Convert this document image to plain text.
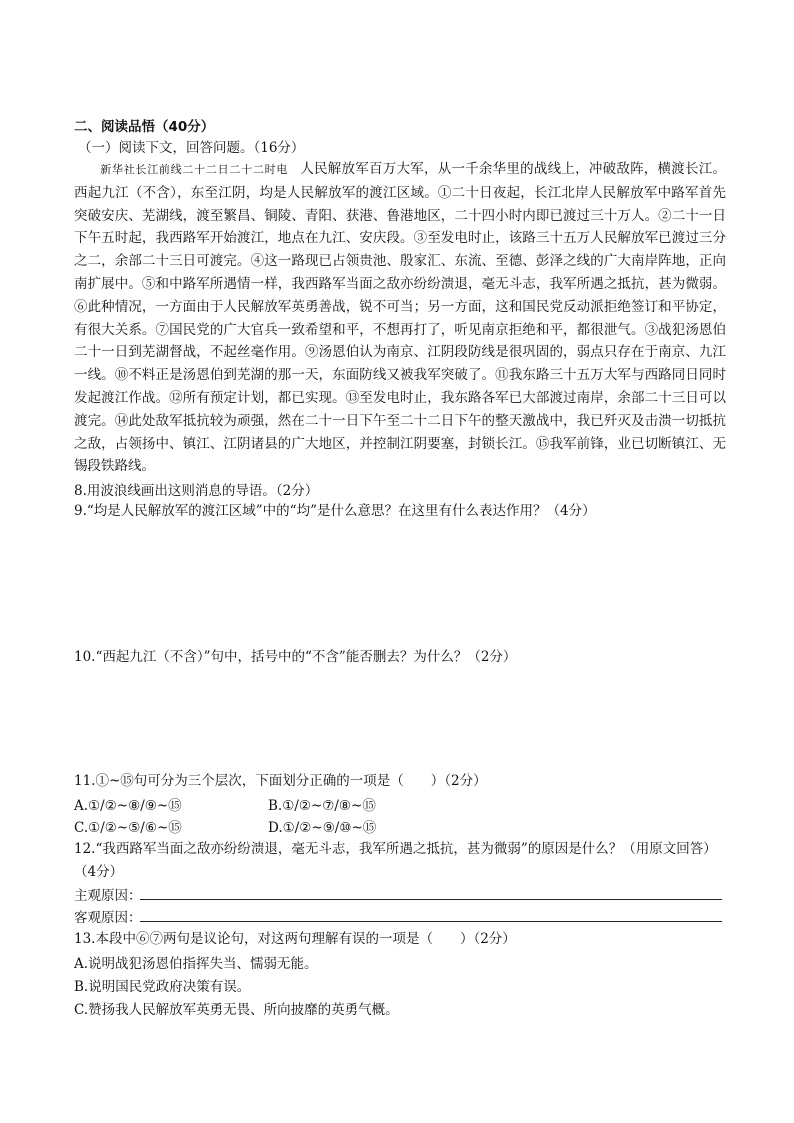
二、阅读品悟（40分）
（一）阅读下文，回答问题。（16分）
新华社长江前线二十二日二十二时电 人民解放军百万大军，从一千余华里的战线上，冲破敌阵，横渡长江。西起九江（不含），东至江阴，均是人民解放军的渡江区域。①二十日夜起，长江北岸人民解放军中路军首先突破安庆、芜湖线，渡至繁昌、铜陵、青阳、获港、鲁港地区，二十四小时内即已渡过三十万人。②二十一日下午五时起，我西路军开始渡江，地点在九江、安庆段。③至发电时止，该路三十五万人民解放军已渡过三分之二，余部二十三日可渡完。④这一路现已占领贵池、殷家汇、东流、至德、彭泽之线的广大南岸阵地，正向南扩展中。⑤和中路军所遇情一样，我西路军当面之敌亦纷纷溃退，毫无斗志，我军所遇之抵抗，甚为微弱。⑥此种情况，一方面由于人民解放军英勇善战，锐不可当；另一方面，这和国民党反动派拒绝签订和平协定，有很大关系。⑦国民党的广大官兵一致希望和平，不想再打了，听见南京拒绝和平，都很泄气。③战犯汤恩伯二十一日到芜湖督战，不起丝毫作用。⑨汤恩伯认为南京、江阴段防线是很巩固的，弱点只存在于南京、九江一线。⑩不料正是汤恩伯到芜湖的那一天，东面防线又被我军突破了。⑪我东路三十五万大军与西路同日同时发起渡江作战。⑫所有预定计划，都已实现。⑬至发电时止，我东路各军已大部渡过南岸，余部二十三日可以渡完。⑭此处敌军抵抗较为顽强，然在二十一日下午至二十二日下午的整天激战中，我已歼灭及击溃一切抵抗之敌，占领扬中、镇江、江阴诸县的广大地区，并控制江阴要塞，封锁长江。⑮我军前锋，业已切断镇江、无锡段铁路线。
8.用波浪线画出这则消息的导语。（2分）
9.“均是人民解放军的渡江区域”中的“均”是什么意思？在这里有什么表达作用？（4分）
10.“西起九江（不含）”句中，括号中的“不含”能否删去？为什么？（2分）
11.①~⑮句可分为三个层次，下面划分正确的一项是（　　）（2分）
A.①/②~⑧/⑨~⑮	B.①/②~⑦/⑧~⑮
C.①/②~⑤/⑥~⑮	D.①/②~⑨/⑩~⑮
12.“我西路军当面之敌亦纷纷溃退，毫无斗志，我军所遇之抵抗，甚为微弱”的原因是什么？（用原文回答）（4分）
主观原因：
客观原因：
13.本段中⑥⑦两句是议论句，对这两句理解有误的一项是（　　）（2分）
A.说明战犯汤恩伯指挥失当、懦弱无能。
B.说明国民党政府决策有误。
C.赞扬我人民解放军英勇无畏、所向披靡的英勇气概。
